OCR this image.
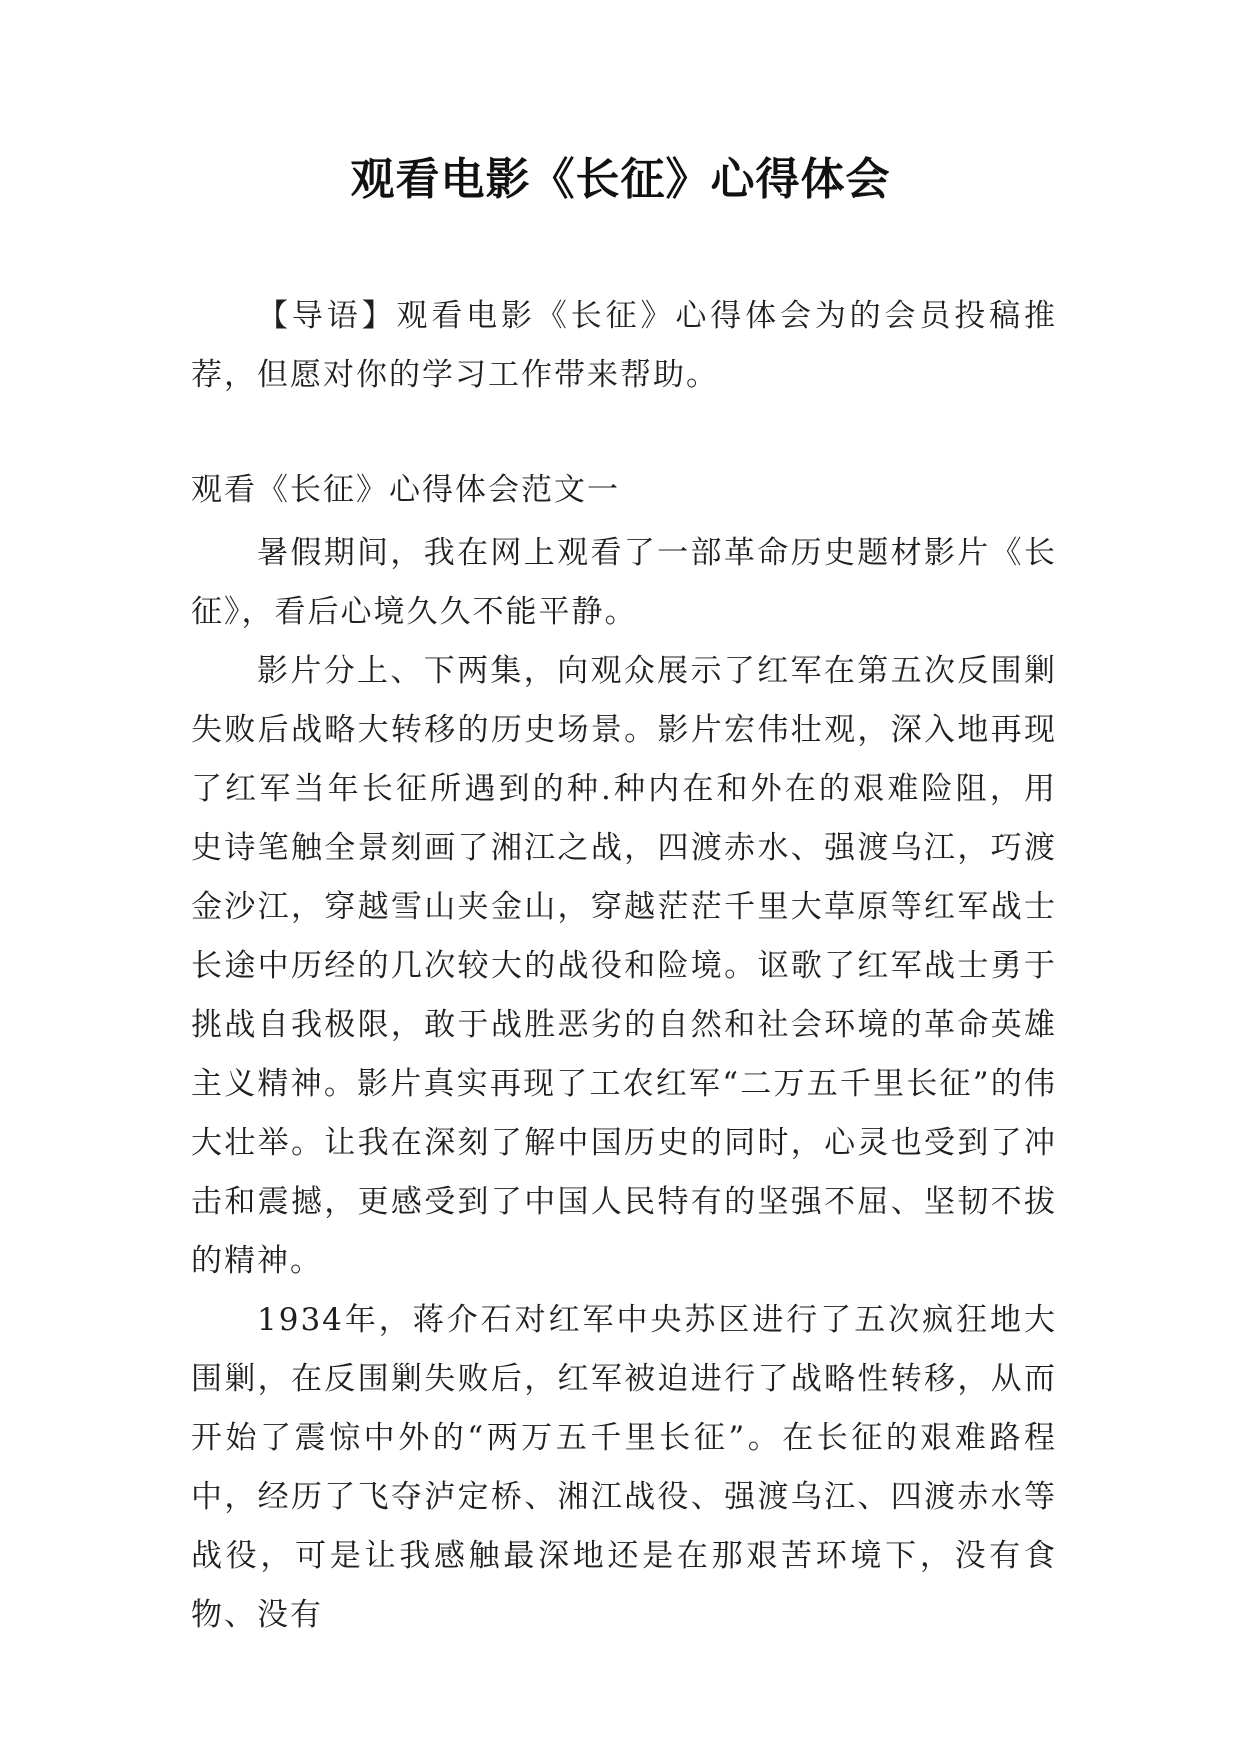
观看电影《长征》心得体会

【导语】观看电影《长征》心得体会为的会员投稿推荐，但愿对你的学习工作带来帮助。

观看《长征》心得体会范文一

暑假期间，我在网上观看了一部革命历史题材影片《长征》，看后心境久久不能平静。

影片分上、下两集，向观众展示了红军在第五次反围剿失败后战略大转移的历史场景。影片宏伟壮观，深入地再现了红军当年长征所遇到的种.种内在和外在的艰难险阻，用史诗笔触全景刻画了湘江之战，四渡赤水、强渡乌江，巧渡金沙江，穿越雪山夹金山，穿越茫茫千里大草原等红军战士长途中历经的几次较大的战役和险境。讴歌了红军战士勇于挑战自我极限，敢于战胜恶劣的自然和社会环境的革命英雄主义精神。影片真实再现了工农红军“二万五千里长征”的伟大壮举。让我在深刻了解中国历史的同时，心灵也受到了冲击和震撼，更感受到了中国人民特有的坚强不屈、坚韧不拔的精神。

1934年，蒋介石对红军中央苏区进行了五次疯狂地大围剿，在反围剿失败后，红军被迫进行了战略性转移，从而开始了震惊中外的“两万五千里长征”。在长征的艰难路程中，经历了飞夺泸定桥、湘江战役、强渡乌江、四渡赤水等战役，可是让我感触最深地还是在那艰苦环境下，没有食物、没有
